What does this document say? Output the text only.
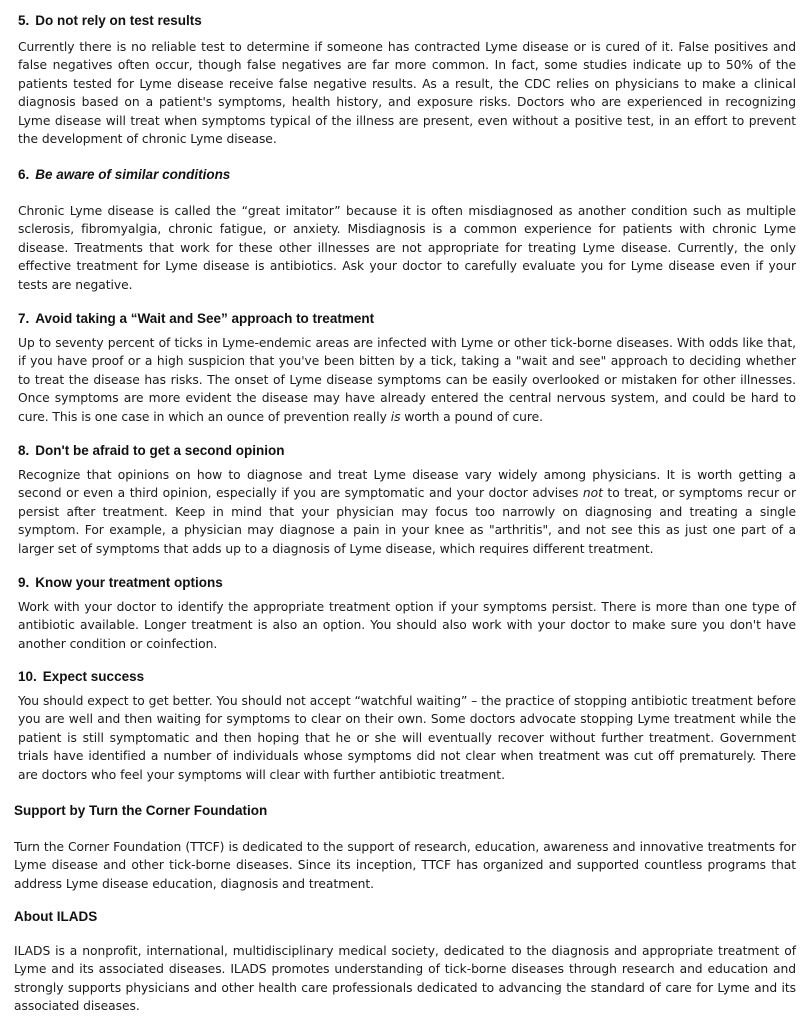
5. Do not rely on test results

Currently there is no reliable test to determine if someone has contracted Lyme disease or is cured of it. False positives and false negatives often occur, though false negatives are far more common. In fact, some studies indicate up to 50% of the patients tested for Lyme disease receive false negative results. As a result, the CDC relies on physicians to make a clinical diagnosis based on a patient's symptoms, health history, and exposure risks. Doctors who are experienced in recognizing Lyme disease will treat when symptoms typical of the illness are present, even without a positive test, in an effort to prevent the development of chronic Lyme disease.

6. Be aware of similar conditions

Chronic Lyme disease is called the “great imitator” because it is often misdiagnosed as another condition such as multiple sclerosis, fibromyalgia, chronic fatigue, or anxiety. Misdiagnosis is a common experience for patients with chronic Lyme disease. Treatments that work for these other illnesses are not appropriate for treating Lyme disease. Currently, the only effective treatment for Lyme disease is antibiotics. Ask your doctor to carefully evaluate you for Lyme disease even if your tests are negative.

7. Avoid taking a “Wait and See” approach to treatment

Up to seventy percent of ticks in Lyme-endemic areas are infected with Lyme or other tick-borne diseases. With odds like that, if you have proof or a high suspicion that you've been bitten by a tick, taking a "wait and see" approach to deciding whether to treat the disease has risks. The onset of Lyme disease symptoms can be easily overlooked or mistaken for other illnesses. Once symptoms are more evident the disease may have already entered the central nervous system, and could be hard to cure. This is one case in which an ounce of prevention really is worth a pound of cure.

8. Don't be afraid to get a second opinion

Recognize that opinions on how to diagnose and treat Lyme disease vary widely among physicians. It is worth getting a second or even a third opinion, especially if you are symptomatic and your doctor advises not to treat, or symptoms recur or persist after treatment. Keep in mind that your physician may focus too narrowly on diagnosing and treating a single symptom. For example, a physician may diagnose a pain in your knee as "arthritis", and not see this as just one part of a larger set of symptoms that adds up to a diagnosis of Lyme disease, which requires different treatment.

9. Know your treatment options

Work with your doctor to identify the appropriate treatment option if your symptoms persist. There is more than one type of antibiotic available. Longer treatment is also an option. You should also work with your doctor to make sure you don't have another condition or coinfection.

10. Expect success

You should expect to get better. You should not accept “watchful waiting” – the practice of stopping antibiotic treatment before you are well and then waiting for symptoms to clear on their own. Some doctors advocate stopping Lyme treatment while the patient is still symptomatic and then hoping that he or she will eventually recover without further treatment. Government trials have identified a number of individuals whose symptoms did not clear when treatment was cut off prematurely. There are doctors who feel your symptoms will clear with further antibiotic treatment.

Support by Turn the Corner Foundation

Turn the Corner Foundation (TTCF) is dedicated to the support of research, education, awareness and innovative treatments for Lyme disease and other tick-borne diseases. Since its inception, TTCF has organized and supported countless programs that address Lyme disease education, diagnosis and treatment.

About ILADS

ILADS is a nonprofit, international, multidisciplinary medical society, dedicated to the diagnosis and appropriate treatment of Lyme and its associated diseases. ILADS promotes understanding of tick-borne diseases through research and education and strongly supports physicians and other health care professionals dedicated to advancing the standard of care for Lyme and its associated diseases.
